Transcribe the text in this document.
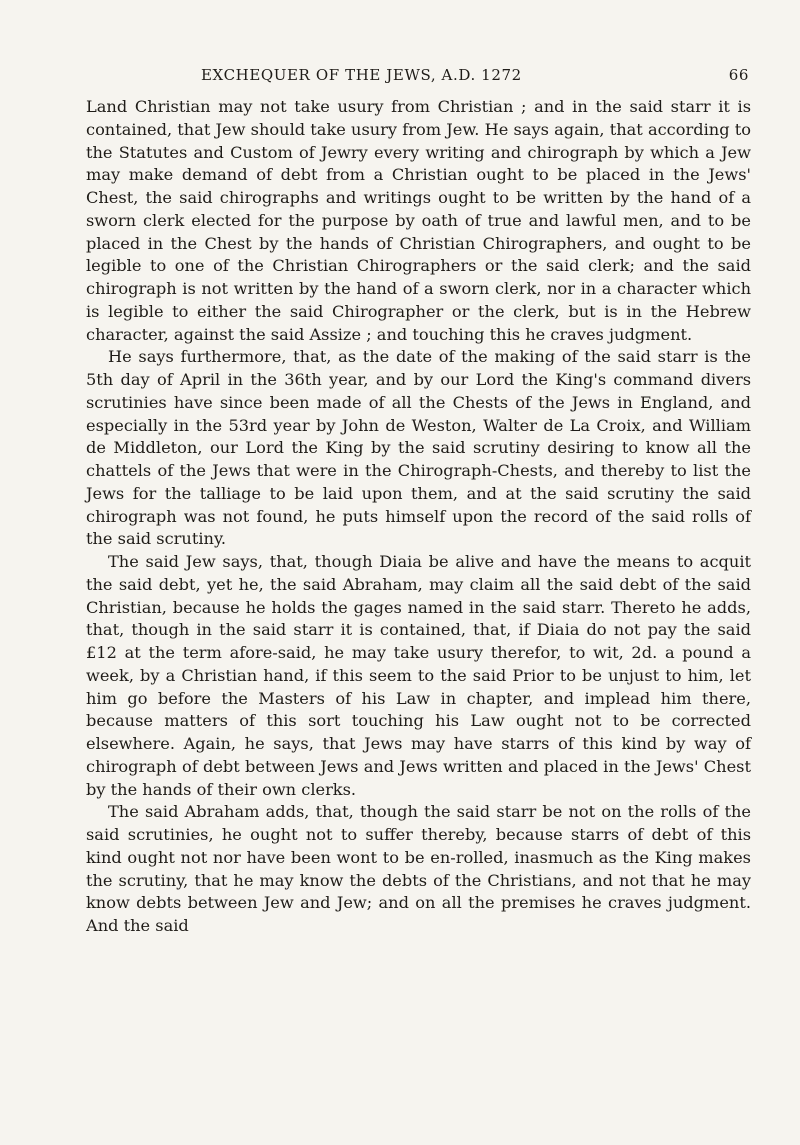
EXCHEQUER OF THE JEWS, A.D. 1272	66

Land Christian may not take usury from Christian ; and in the said starr it is contained, that Jew should take usury from Jew. He says again, that according to the Statutes and Custom of Jewry every writing and chirograph by which a Jew may make demand of debt from a Christian ought to be placed in the Jews' Chest, the said chirographs and writings ought to be written by the hand of a sworn clerk elected for the purpose by oath of true and lawful men, and to be placed in the Chest by the hands of Christian Chirographers, and ought to be legible to one of the Christian Chirographers or the said clerk; and the said chirograph is not written by the hand of a sworn clerk, nor in a character which is legible to either the said Chirographer or the clerk, but is in the Hebrew character, against the said Assize ; and touching this he craves judgment.

He says furthermore, that, as the date of the making of the said starr is the 5th day of April in the 36th year, and by our Lord the King's command divers scrutinies have since been made of all the Chests of the Jews in England, and especially in the 53rd year by John de Weston, Walter de La Croix, and William de Middleton, our Lord the King by the said scrutiny desiring to know all the chattels of the Jews that were in the Chirograph-Chests, and thereby to list the Jews for the talliage to be laid upon them, and at the said scrutiny the said chirograph was not found, he puts himself upon the record of the said rolls of the said scrutiny.

The said Jew says, that, though Diaia be alive and have the means to acquit the said debt, yet he, the said Abraham, may claim all the said debt of the said Christian, because he holds the gages named in the said starr. Thereto he adds, that, though in the said starr it is contained, that, if Diaia do not pay the said £12 at the term afore-said, he may take usury therefor, to wit, 2d. a pound a week, by a Christian hand, if this seem to the said Prior to be unjust to him, let him go before the Masters of his Law in chapter, and implead him there, because matters of this sort touching his Law ought not to be corrected elsewhere. Again, he says, that Jews may have starrs of this kind by way of chirograph of debt between Jews and Jews written and placed in the Jews' Chest by the hands of their own clerks.

The said Abraham adds, that, though the said starr be not on the rolls of the said scrutinies, he ought not to suffer thereby, because starrs of debt of this kind ought not nor have been wont to be en-rolled, inasmuch as the King makes the scrutiny, that he may know the debts of the Christians, and not that he may know debts between Jew and Jew; and on all the premises he craves judgment. And the said
